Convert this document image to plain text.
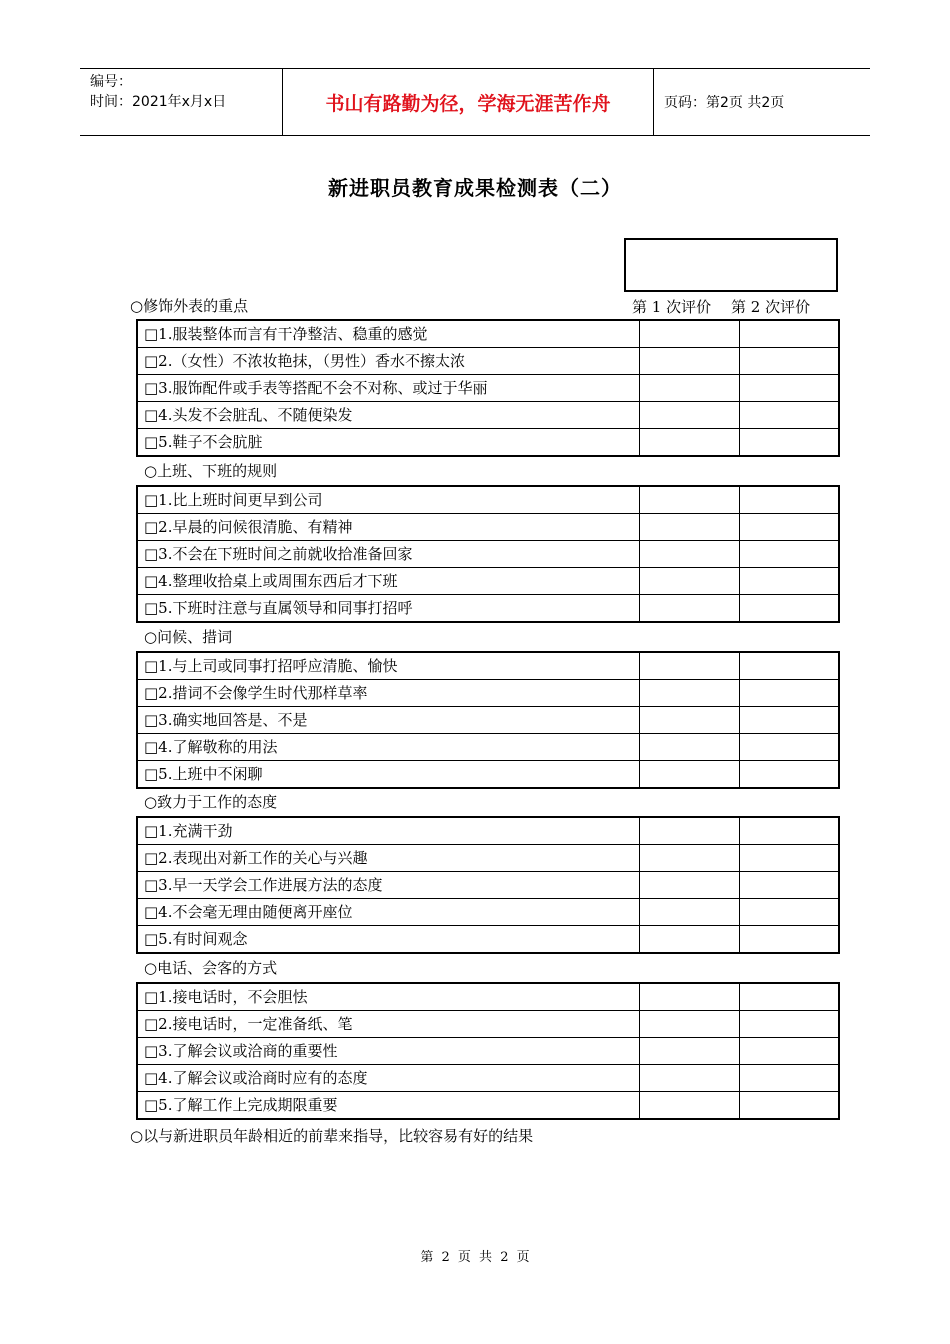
编号：
时间：2021年x月x日	书山有路勤为径，学海无涯苦作舟	页码：第2页 共2页
新进职员教育成果检测表（二）
第 1 次评价 第 2 次评价
○修饰外表的重点
□1.服装整体而言有干净整洁、稳重的感觉		
□2.（女性）不浓妆艳抹，（男性）香水不擦太浓		
□3.服饰配件或手表等搭配不会不对称、或过于华丽		
□4.头发不会脏乱、不随便染发		
□5.鞋子不会肮脏		
○上班、下班的规则
□1.比上班时间更早到公司		
□2.早晨的问候很清脆、有精神		
□3.不会在下班时间之前就收拾准备回家		
□4.整理收拾桌上或周围东西后才下班		
□5.下班时注意与直属领导和同事打招呼		
○问候、措词
□1.与上司或同事打招呼应清脆、愉快		
□2.措词不会像学生时代那样草率		
□3.确实地回答是、不是		
□4.了解敬称的用法		
□5.上班中不闲聊		
○致力于工作的态度
□1.充满干劲		
□2.表现出对新工作的关心与兴趣		
□3.早一天学会工作进展方法的态度		
□4.不会毫无理由随便离开座位		
□5.有时间观念		
○电话、会客的方式
□1.接电话时，不会胆怯		
□2.接电话时，一定准备纸、笔		
□3.了解会议或洽商的重要性		
□4.了解会议或洽商时应有的态度		
□5.了解工作上完成期限重要		
○以与新进职员年龄相近的前辈来指导，比较容易有好的结果
第 2 页 共 2 页
